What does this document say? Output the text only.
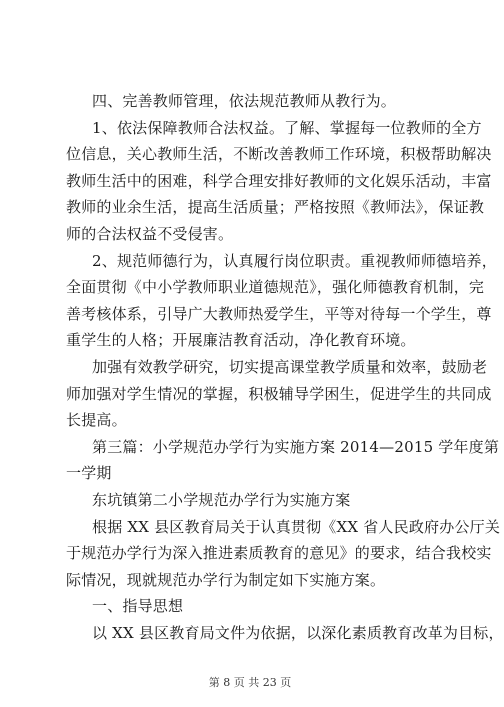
四、完善教师管理，依法规范教师从教行为。
1、依法保障教师合法权益。了解、掌握每一位教师的全方
位信息，关心教师生活，不断改善教师工作环境，积极帮助解决
教师生活中的困难，科学合理安排好教师的文化娱乐活动，丰富
教师的业余生活，提高生活质量；严格按照《教师法》，保证教
师的合法权益不受侵害。
2、规范师德行为，认真履行岗位职责。重视教师师德培养，
全面贯彻《中小学教师职业道德规范》，强化师德教育机制，完
善考核体系，引导广大教师热爱学生，平等对待每一个学生，尊
重学生的人格；开展廉洁教育活动，净化教育环境。
加强有效教学研究，切实提高课堂教学质量和效率，鼓励老
师加强对学生情况的掌握，积极辅导学困生，促进学生的共同成
长提高。
第三篇：小学规范办学行为实施方案 2014—2015 学年度第
一学期
东坑镇第二小学规范办学行为实施方案
根据 XX 县区教育局关于认真贯彻《XX 省人民政府办公厅关
于规范办学行为深入推进素质教育的意见》的要求，结合我校实
际情况，现就规范办学行为制定如下实施方案。
一、指导思想
以 XX 县区教育局文件为依据，以深化素质教育改革为目标，
第 8 页 共 23 页
